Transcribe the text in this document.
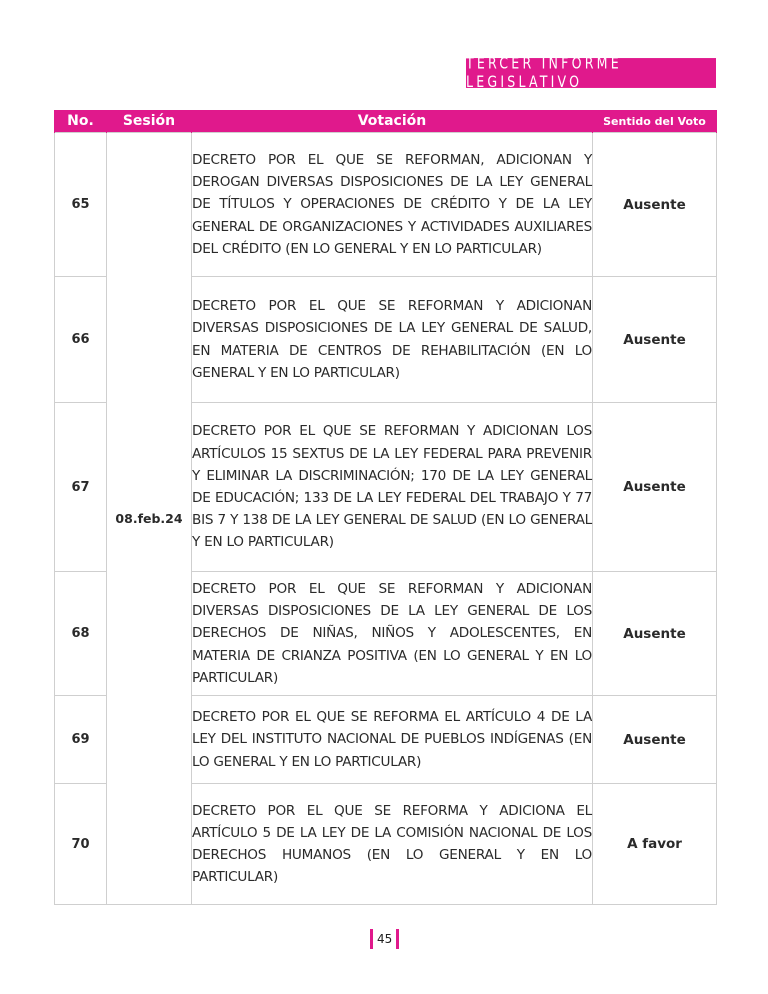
TERCER INFORME LEGISLATIVO
No.	Sesión	Votación	Sentido del Voto
65	08.feb.24	DECRETO POR EL QUE SE REFORMAN, ADICIONAN Y DEROGAN DIVERSAS DISPOSICIONES DE LA LEY GENERAL DE TÍTULOS Y OPERACIONES DE CRÉDITO Y DE LA LEY GENERAL DE ORGANIZACIONES Y ACTIVIDADES AUXILIARES DEL CRÉDITO (EN LO GENERAL Y EN LO PARTICULAR)	Ausente
66		DECRETO POR EL QUE SE REFORMAN Y ADICIONAN DIVERSAS DISPOSICIONES DE LA LEY GENERAL DE SALUD, EN MATERIA DE CENTROS DE REHABILITACIÓN (EN LO GENERAL Y EN LO PARTICULAR)	Ausente
67		DECRETO POR EL QUE SE REFORMAN Y ADICIONAN LOS ARTÍCULOS 15 SEXTUS DE LA LEY FEDERAL PARA PREVENIR Y ELIMINAR LA DISCRIMINACIÓN; 170 DE LA LEY GENERAL DE EDUCACIÓN; 133 DE LA LEY FEDERAL DEL TRABAJO Y 77 BIS 7 Y 138 DE LA LEY GENERAL DE SALUD (EN LO GENERAL Y EN LO PARTICULAR)	Ausente
68		DECRETO POR EL QUE SE REFORMAN Y ADICIONAN DIVERSAS DISPOSICIONES DE LA LEY GENERAL DE LOS DERECHOS DE NIÑAS, NIÑOS Y ADOLESCENTES, EN MATERIA DE CRIANZA POSITIVA (EN LO GENERAL Y EN LO PARTICULAR)	Ausente
69		DECRETO POR EL QUE SE REFORMA EL ARTÍCULO 4 DE LA LEY DEL INSTITUTO NACIONAL DE PUEBLOS INDÍGENAS (EN LO GENERAL Y EN LO PARTICULAR)	Ausente
70		DECRETO POR EL QUE SE REFORMA Y ADICIONA EL ARTÍCULO 5 DE LA LEY DE LA COMISIÓN NACIONAL DE LOS DERECHOS HUMANOS (EN LO GENERAL Y EN LO PARTICULAR)	A favor
45
